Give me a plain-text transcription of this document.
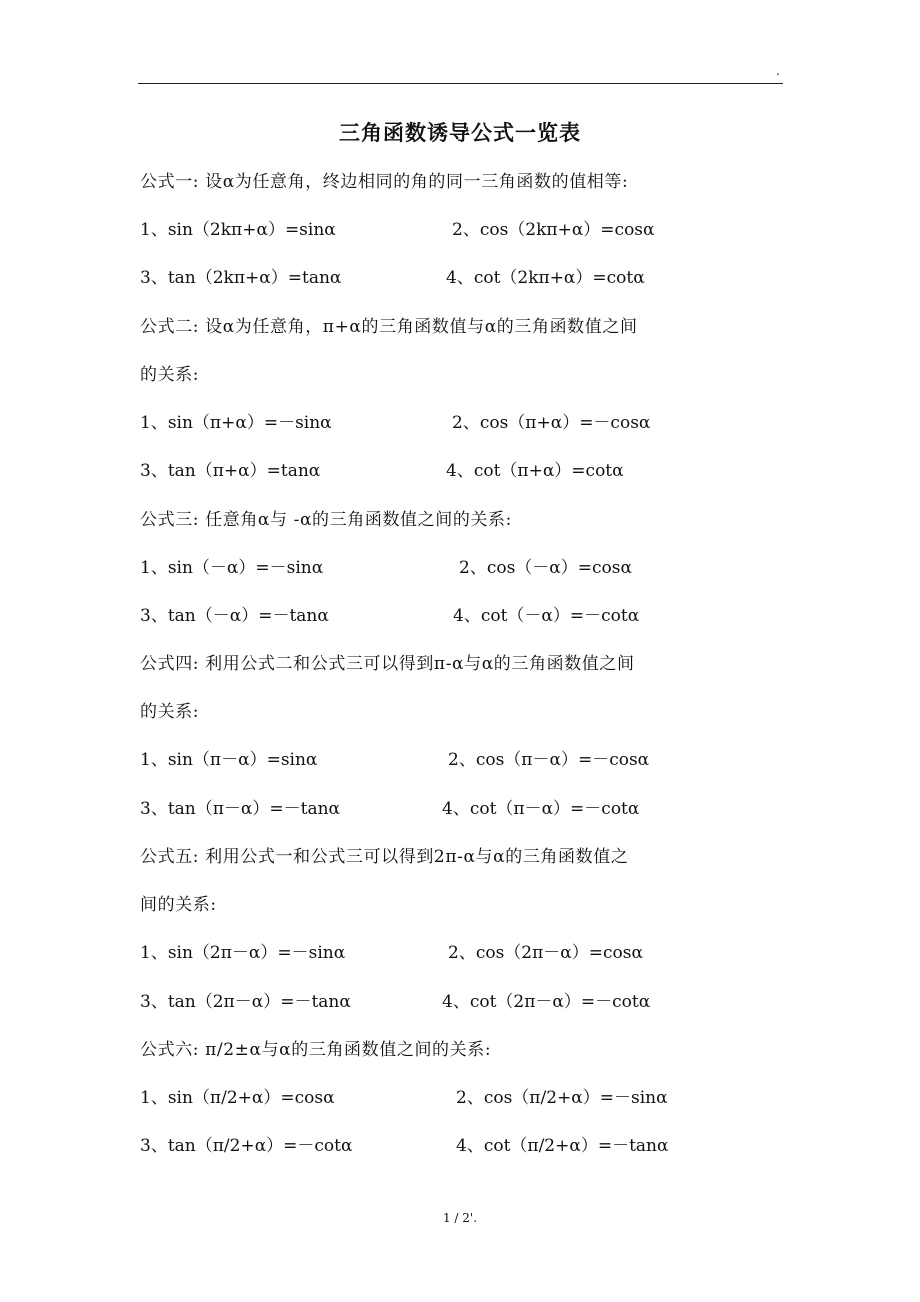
.
三角函数诱导公式一览表
公式一: 设α为任意角，终边相同的角的同一三角函数的值相等:
1、sin（2kπ+α）=sinα	2、cos（2kπ+α）=cosα
3、tan（2kπ+α）=tanα	4、cot（2kπ+α）=cotα
公式二: 设α为任意角，π+α的三角函数值与α的三角函数值之间
的关系:
1、sin（π+α）=－sinα	2、cos（π+α）=－cosα
3、tan（π+α）=tanα	4、cot（π+α）=cotα
公式三: 任意角α与 -α的三角函数值之间的关系:
1、sin（－α）=－sinα	2、cos（－α）=cosα
3、tan（－α）=－tanα	4、cot（－α）=－cotα
公式四: 利用公式二和公式三可以得到π-α与α的三角函数值之间
的关系:
1、sin（π－α）=sinα	2、cos（π－α）=－cosα
3、tan（π－α）=－tanα	4、cot（π－α）=－cotα
公式五: 利用公式一和公式三可以得到2π-α与α的三角函数值之
间的关系:
1、sin（2π－α）=－sinα	2、cos（2π－α）=cosα
3、tan（2π－α）=－tanα	4、cot（2π－α）=－cotα
公式六: π/2±α与α的三角函数值之间的关系:
1、sin（π/2+α）=cosα	2、cos（π/2+α）=－sinα
3、tan（π/2+α）=－cotα	4、cot（π/2+α）=－tanα
1 / 2'.
